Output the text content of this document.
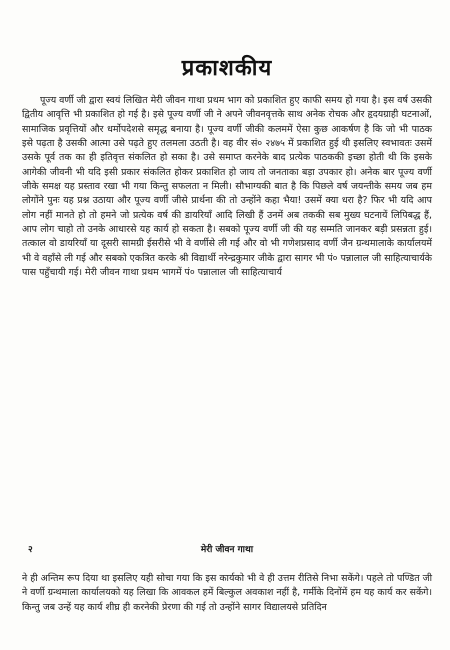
प्रकाशकीय

पूज्य वर्णी जी द्वारा स्वयं लिखित मेरी जीवन गाथा प्रथम भाग को प्रकाशित हुए काफी समय हो गया है। इस वर्ष उसकी द्वितीय आवृत्ति भी प्रकाशित हो गई है। इसे पूज्य वर्णी जी ने अपने जीवनवृत्तके साथ अनेक रोचक और हृदयग्राही घटनाओं, सामाजिक प्रवृत्तियों और धर्मोपदेशसे समृद्ध बनाया है। पूज्य वर्णी जीकी कलममें ऐसा कुछ आकर्षण है कि जो भी पाठक इसे पढ़ता है उसकी आत्मा उसे पढ़ते हुए तलमला उठती है। वह वीर सं० २४७५ में प्रकाशित हुई थी इसलिए स्वभावतः उसमें उसके पूर्व तक का ही इतिवृत्त संकलित हो सका है। उसे समाप्त करनेके बाद प्रत्येक पाठककी इच्छा होती थी कि इसके आगेकी जीवनी भी यदि इसी प्रकार संकलित होकर प्रकाशित हो जाय तो जनताका बड़ा उपकार हो। अनेक बार पूज्य वर्णी जीके समक्ष यह प्रस्ताव रखा भी गया किन्तु सफलता न मिली। सौभाग्यकी बात है कि पिछले वर्ष जयन्तीके समय जब हम लोगोंने पुनः यह प्रश्न उठाया और पूज्य वर्णी जीसे प्रार्थना की तो उन्होंने कहा भैया! उसमें क्या धरा है? फिर भी यदि आप लोग नहीं मानते हो तो हमने जो प्रत्येक वर्ष की डायरियाँ आदि लिखी हैं उनमें अब तककी सब मुख्य घटनायें लिपिबद्ध हैं, आप लोग चाहो तो उनके आधारसे यह कार्य हो सकता है। सबको पूज्य वर्णी जी की यह सम्मति जानकर बड़ी प्रसन्नता हुई। तत्काल वो डायरियाँ या दूसरी सामग्री ईसरीसे भी वे वर्णीसे ली गई और वो भी गणेशप्रसाद वर्णी जैन ग्रन्थमालाके कार्यालयमें भी वे वहाँसे ली गई और सबको एकत्रित करके श्री विद्यार्थी नरेन्द्रकुमार जीके द्वारा सागर भी पं० पन्नालाल जी साहित्याचार्यके पास पहुँचायी गई। मेरी जीवन गाथा प्रथम भागमें पं० पन्नालाल जी साहित्याचार्य

२	मेरी जीवन गाथा

ने ही अन्तिम रूप दिया था इसलिए यही सोचा गया कि इस कार्यको भी वे ही उत्तम रीतिसे निभा सकेंगे। पहले तो पण्डित जी ने वर्णी ग्रन्थमाला कार्यालयको यह लिखा कि आवकल हमें बिल्कुल अवकाश नहीं है, गर्मीके दिनोंमें हम यह कार्य कर सकेंगे। किन्तु जब उन्हें यह कार्य शीघ्र ही करनेकी प्रेरणा की गई तो उन्होंने सागर विद्यालयसे प्रतिदिन
